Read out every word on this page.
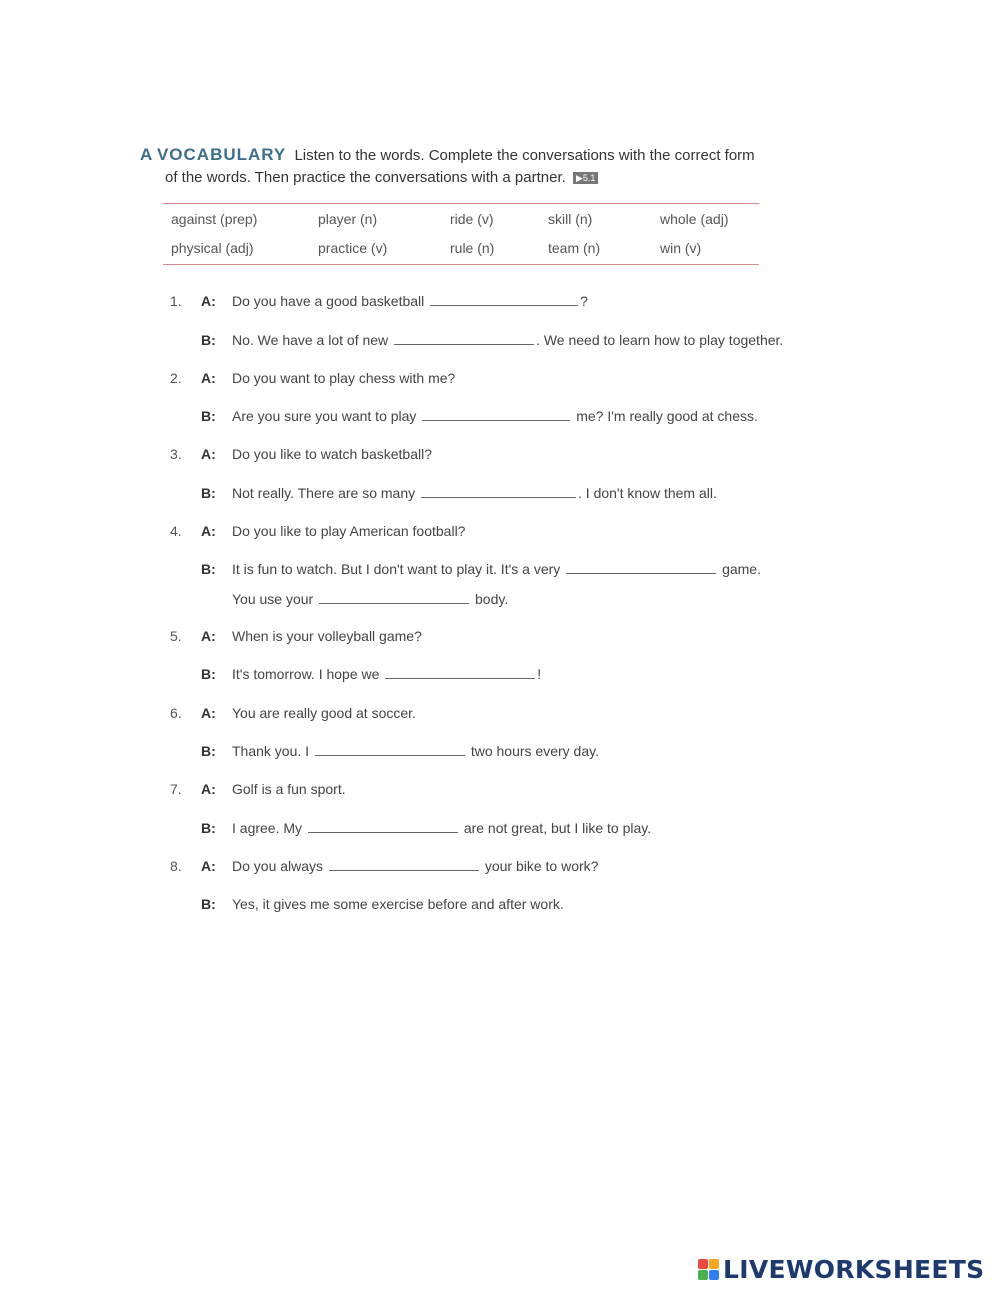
A VOCABULARY Listen to the words. Complete the conversations with the correct form
of the words. Then practice the conversations with a partner. ▶5.1
against (prep)	player (n)	ride (v)	skill (n)	whole (adj)
physical (adj)	practice (v)	rule (n)	team (n)	win (v)
1. A: Do you have a good basketball	?
B: No. We have a lot of new	. We need to learn how to play together.
2. A: Do you want to play chess with me?
B: Are you sure you want to play	me? I'm really good at chess.
3. A: Do you like to watch basketball?
B: Not really. There are so many	. I don't know them all.
4. A: Do you like to play American football?
B: It is fun to watch. But I don't want to play it. It's a very	game.
You use your	body.
5. A: When is your volleyball game?
B: It's tomorrow. I hope we	!
6. A: You are really good at soccer.
B: Thank you. I	two hours every day.
7. A: Golf is a fun sport.
B: I agree. My	are not great, but I like to play.
8. A: Do you always	your bike to work?
B: Yes, it gives me some exercise before and after work.
LIVEWORKSHEETS
